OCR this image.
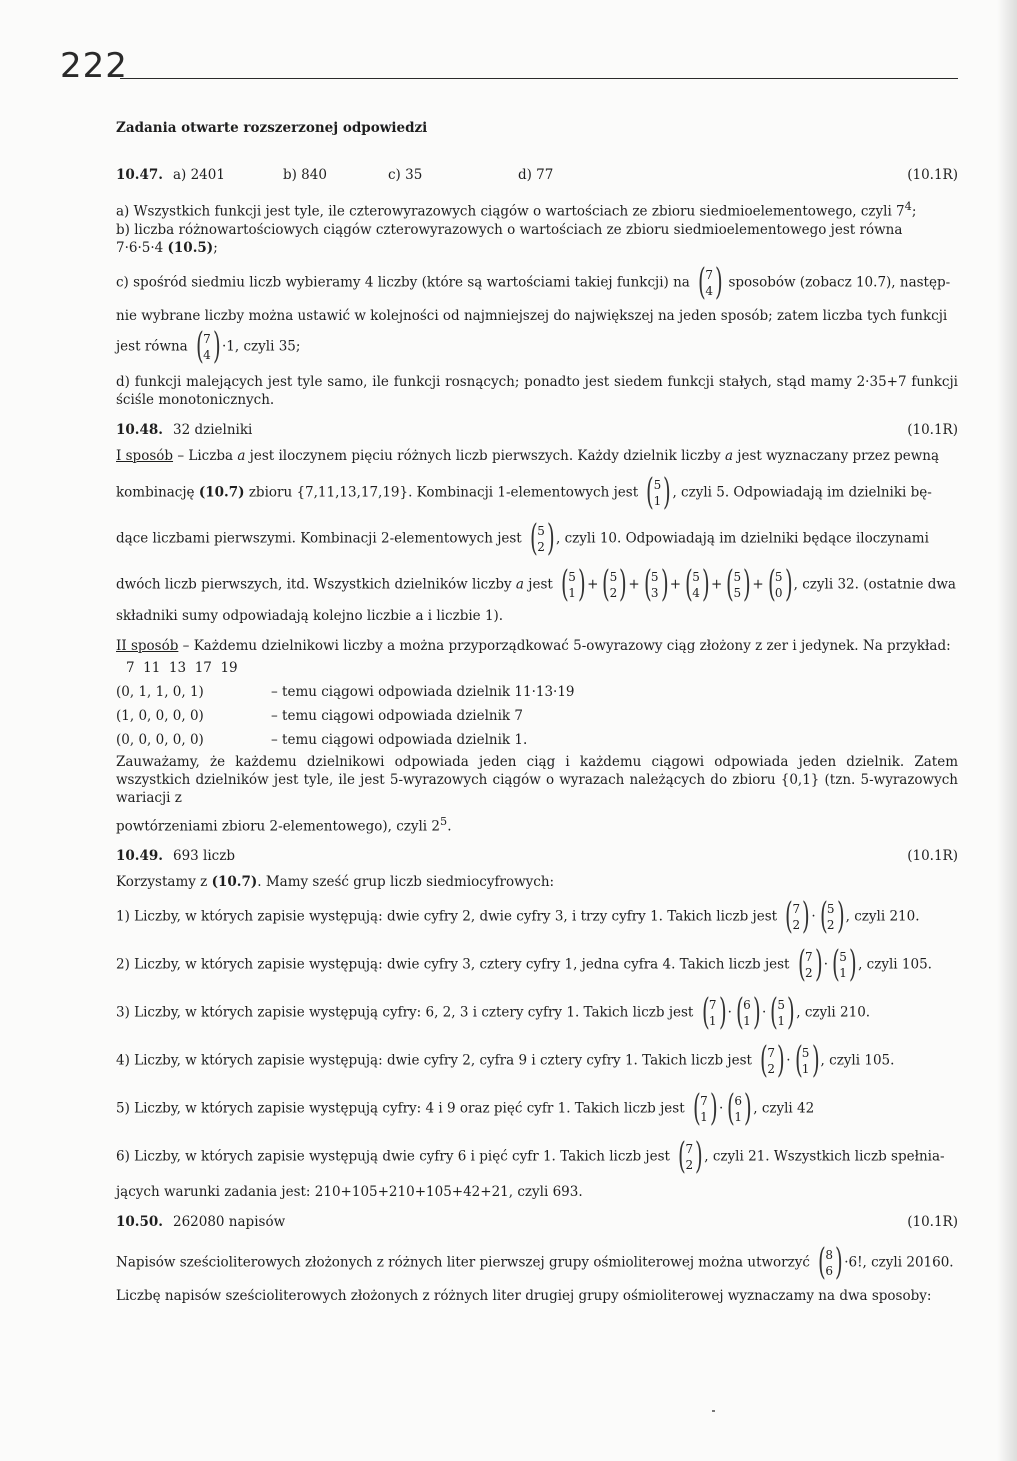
222
Zadania otwarte rozszerzonej odpowiedzi
10.47. a) 2401	b) 840	c) 35	d) 77	(10.1R)

a) Wszystkich funkcji jest tyle, ile czterowyrazowych ciągów o wartościach ze zbioru siedmioelementowego, czyli $7^4$;

b) liczba różnowartościowych ciągów czterowyrazowych o wartościach ze zbioru siedmioelementowego jest równa
7·6·5·4 (10.5);

c) spośród siedmiu liczb wybieramy 4 liczby (które są wartościami takiej funkcji) na ( 7
4 ) sposobów (zobacz 10.7), następ-

nie wybrane liczby można ustawić w kolejności od najmniejszej do największej na jeden sposób; zatem liczba tych funkcji

jest równa ( 7
4 ) ·1, czyli 35;

d) funkcji malejących jest tyle samo, ile funkcji rosnących; ponadto jest siedem funkcji stałych, stąd mamy 2·35+7 funkcji ściśle monotonicznych.

10.48. 32 dzielniki	(10.1R)

I sposób – Liczba a jest iloczynem pięciu różnych liczb pierwszych. Każdy dzielnik liczby a jest wyznaczany przez pewną

kombinację (10.7) zbioru {7,11,13,17,19}. Kombinacji 1-elementowych jest ( 5
1 ) , czyli 5. Odpowiadają im dzielniki bę-

dące liczbami pierwszymi. Kombinacji 2-elementowych jest ( 5
2 ) , czyli 10. Odpowiadają im dzielniki będące iloczynami

dwóch liczb pierwszych, itd. Wszystkich dzielników liczby a jest ( 5
1 ) + ( 5
2 ) + ( 5
3 ) + ( 5
4 ) + ( 5
5 ) + ( 5
0 ) , czyli 32. (ostatnie dwa

składniki sumy odpowiadają kolejno liczbie a i liczbie 1).

II sposób – Każdemu dzielnikowi liczby a można przyporządkować 5-owyrazowy ciąg złożony z zer i jedynek. Na przykład:

7  11  13  17  19

(0, 1, 1, 0, 1)	– temu ciągowi odpowiada dzielnik 11·13·19

(1, 0, 0, 0, 0)	– temu ciągowi odpowiada dzielnik 7

(0, 0, 0, 0, 0)	– temu ciągowi odpowiada dzielnik 1.

Zauważamy, że każdemu dzielnikowi odpowiada jeden ciąg i każdemu ciągowi odpowiada jeden dzielnik. Zatem wszystkich dzielników jest tyle, ile jest 5-wyrazowych ciągów o wyrazach należących do zbioru {0,1} (tzn. 5-wyrazowych wariacji z

powtórzeniami zbioru 2-elementowego), czyli $2^5$.

10.49. 693 liczb	(10.1R)

Korzystamy z (10.7). Mamy sześć grup liczb siedmiocyfrowych:

1) Liczby, w których zapisie występują: dwie cyfry 2, dwie cyfry 3, i trzy cyfry 1. Takich liczb jest ( 7
2 ) · ( 5
2 ) , czyli 210.

2) Liczby, w których zapisie występują: dwie cyfry 3, cztery cyfry 1, jedna cyfra 4. Takich liczb jest ( 7
2 ) · ( 5
1 ) , czyli 105.

3) Liczby, w których zapisie występują cyfry: 6, 2, 3 i cztery cyfry 1. Takich liczb jest ( 7
1 ) · ( 6
1 ) · ( 5
1 ) , czyli 210.

4) Liczby, w których zapisie występują: dwie cyfry 2, cyfra 9 i cztery cyfry 1. Takich liczb jest ( 7
2 ) · ( 5
1 ) , czyli 105.

5) Liczby, w których zapisie występują cyfry: 4 i 9 oraz pięć cyfr 1. Takich liczb jest ( 7
1 ) · ( 6
1 ) , czyli 42

6) Liczby, w których zapisie występują dwie cyfry 6 i pięć cyfr 1. Takich liczb jest ( 7
2 ) , czyli 21. Wszystkich liczb spełnia-

jących warunki zadania jest: 210+105+210+105+42+21, czyli 693.

10.50. 262080 napisów	(10.1R)

Napisów sześcioliterowych złożonych z różnych liter pierwszej grupy ośmioliterowej można utworzyć ( 8
6 ) ·6!, czyli 20160.

Liczbę napisów sześcioliterowych złożonych z różnych liter drugiej grupy ośmioliterowej wyznaczamy na dwa sposoby:
